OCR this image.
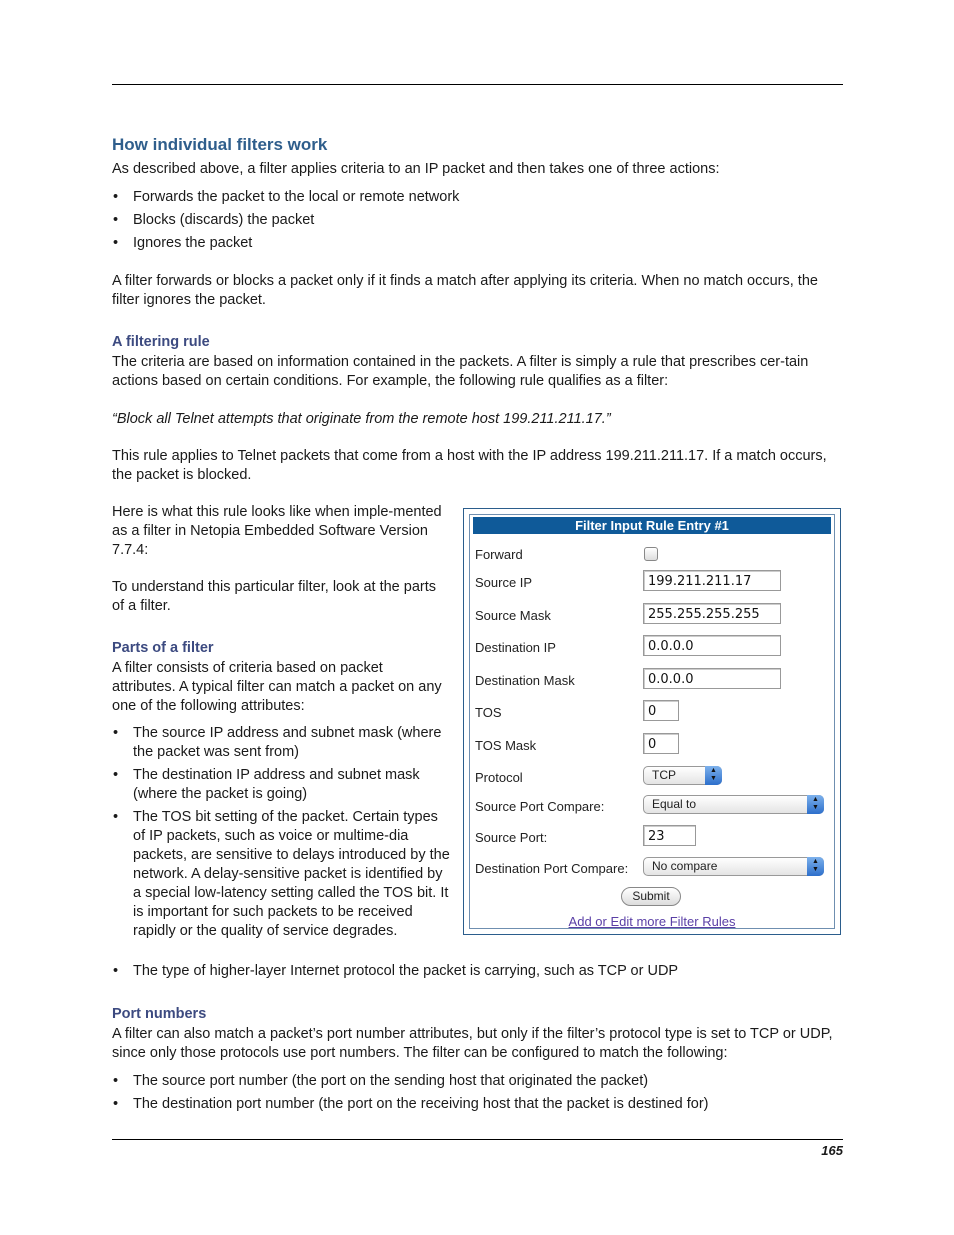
How individual filters work
As described above, a filter applies criteria to an IP packet and then takes one of three actions:
• Forwards the packet to the local or remote network
• Blocks (discards) the packet
• Ignores the packet
A filter forwards or blocks a packet only if it finds a match after applying its criteria. When no match occurs, the filter ignores the packet.
A filtering rule
The criteria are based on information contained in the packets. A filter is simply a rule that prescribes cer-tain actions based on certain conditions. For example, the following rule qualifies as a filter:
“Block all Telnet attempts that originate from the remote host 199.211.211.17.”
This rule applies to Telnet packets that come from a host with the IP address 199.211.211.17. If a match occurs, the packet is blocked.
Here is what this rule looks like when imple-mented as a filter in Netopia Embedded Software Version 7.7.4:
To understand this particular filter, look at the parts of a filter.
Parts of a filter
A filter consists of criteria based on packet attributes. A typical filter can match a packet on any one of the following attributes:
• The source IP address and subnet mask (where the packet was sent from)
• The destination IP address and subnet mask (where the packet is going)
• The TOS bit setting of the packet. Certain types of IP packets, such as voice or multime-dia packets, are sensitive to delays introduced by the network. A delay-sensitive packet is identified by a special low-latency setting called the TOS bit. It is important for such packets to be received rapidly or the quality of service degrades.
• The type of higher-layer Internet protocol the packet is carrying, such as TCP or UDP
Port numbers
A filter can also match a packet’s port number attributes, but only if the filter’s protocol type is set to TCP or UDP, since only those protocols use port numbers. The filter can be configured to match the following:
• The source port number (the port on the sending host that originated the packet)
• The destination port number (the port on the receiving host that the packet is destined for)
165
Filter Input Rule Entry #1
Forward
Source IP	199.211.211.17
Source Mask	255.255.255.255
Destination IP	0.0.0.0
Destination Mask	0.0.0.0
TOS	0
TOS Mask	0
Protocol	TCP	▲
▼
Source Port Compare:	Equal to	▲
▼
Source Port:	23
Destination Port Compare:	No compare	▲
▼
Submit
Add or Edit more Filter Rules
